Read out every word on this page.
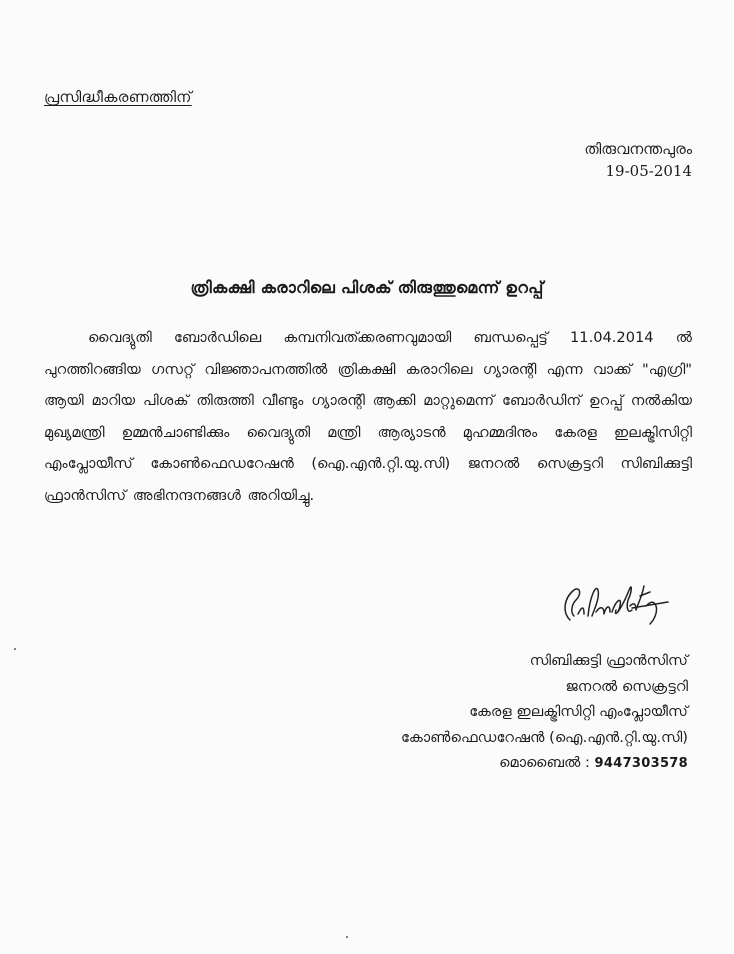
പ്രസിദ്ധീകരണത്തിന്
തിരുവനന്തപുരം
19-05-2014
ത്രികക്ഷി കരാറിലെ പിശക് തിരുത്തുമെന്ന് ഉറപ്പ്
വൈദ്യുതി ബോർഡിലെ കമ്പനിവത്ക്കരണവുമായി ബന്ധപ്പെട്ട് 11.04.2014 ൽ പുറത്തിറങ്ങിയ ഗസറ്റ് വിജ്ഞാപനത്തിൽ ത്രികക്ഷി കരാറിലെ ഗ്യാരന്റി എന്ന വാക്ക് "എഗ്രി" ആയി മാറിയ പിശക് തിരുത്തി വീണ്ടും ഗ്യാരന്റി ആക്കി മാറ്റുമെന്ന് ബോർഡിന് ഉറപ്പ് നൽകിയ മുഖ്യമന്ത്രി ഉമ്മൻചാണ്ടിക്കും വൈദ്യുതി മന്ത്രി ആര്യാടൻ മുഹമ്മദിനും കേരള ഇലക്ട്രിസിറ്റി എംപ്ലോയീസ് കോൺഫെഡറേഷൻ (ഐ.എൻ.റ്റി.യു.സി) ജനറൽ സെക്രട്ടറി സിബിക്കുട്ടി ഫ്രാൻസിസ് അഭിനന്ദനങ്ങൾ അറിയിച്ചു.
സിബിക്കുട്ടി ഫ്രാൻസിസ്
ജനറൽ സെക്രട്ടറി
കേരള ഇലക്ട്രിസിറ്റി എംപ്ലോയീസ്
കോൺഫെഡറേഷൻ (ഐ.എൻ.റ്റി.യു.സി)
മൊബൈൽ : 9447303578
